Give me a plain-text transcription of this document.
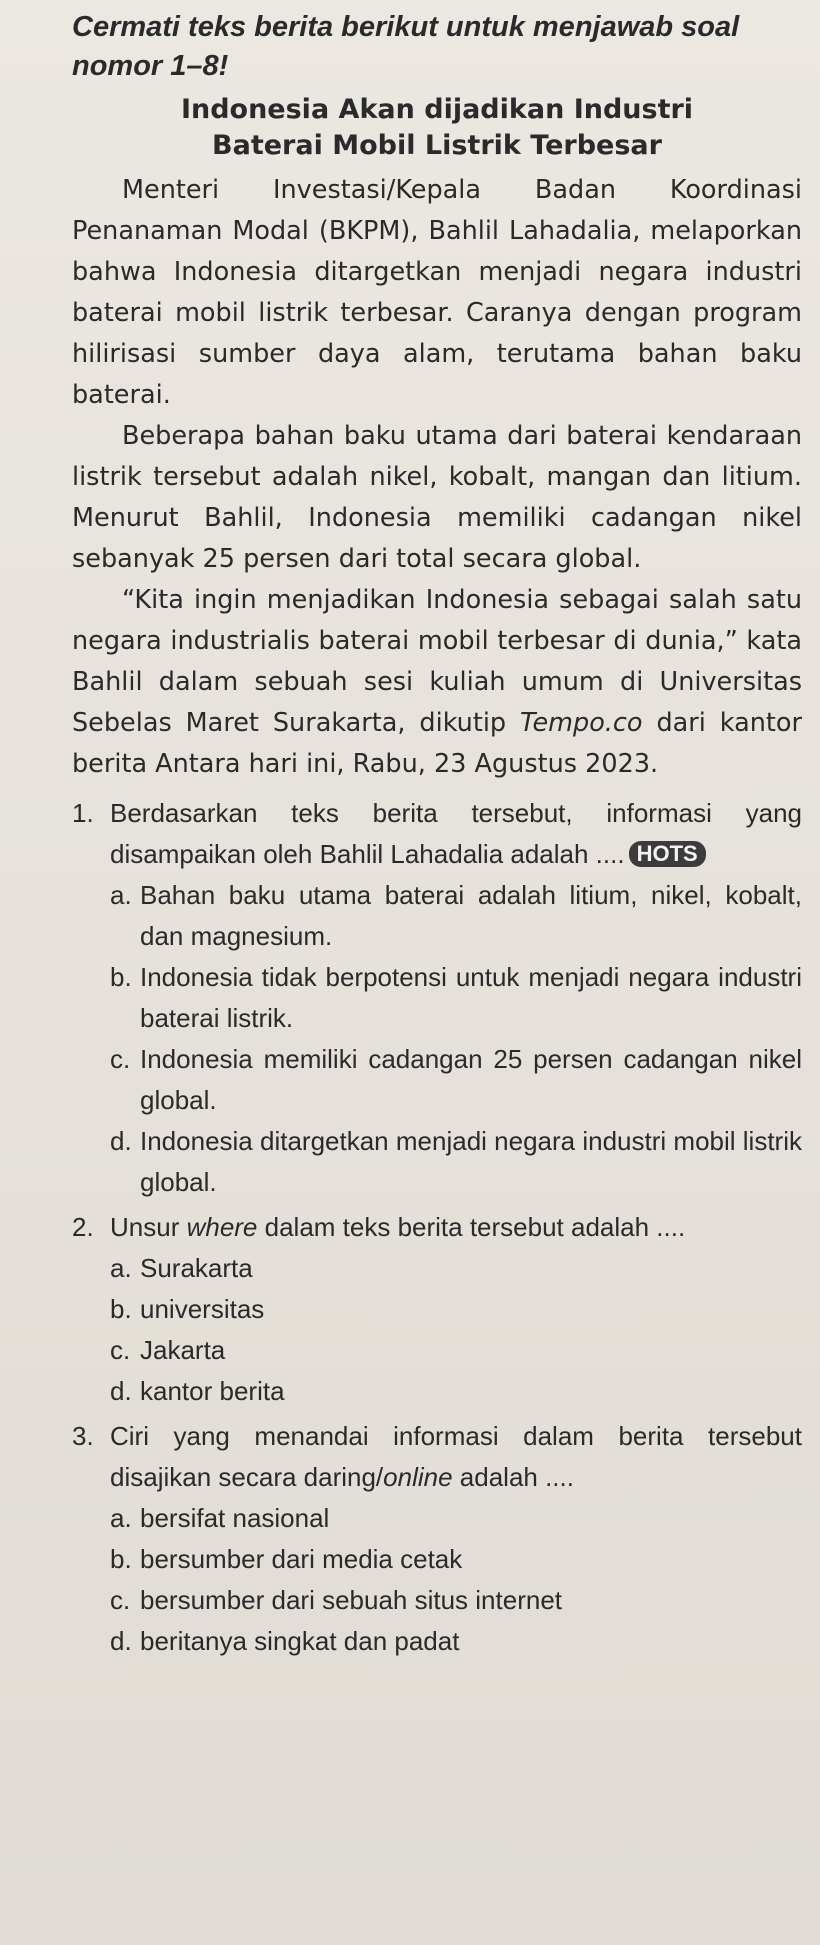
Cermati teks berita berikut untuk menjawab soal nomor 1–8!
Indonesia Akan dijadikan Industri
Baterai Mobil Listrik Terbesar

Menteri Investasi/Kepala Badan Koordinasi Penanaman Modal (BKPM), Bahlil Lahadalia, melaporkan bahwa Indonesia ditargetkan menjadi negara industri baterai mobil listrik terbesar. Caranya dengan program hilirisasi sumber daya alam, terutama bahan baku baterai.

Beberapa bahan baku utama dari baterai kendaraan listrik tersebut adalah nikel, kobalt, mangan dan litium. Menurut Bahlil, Indonesia memiliki cadangan nikel sebanyak 25 persen dari total secara global.

“Kita ingin menjadikan Indonesia sebagai salah satu negara industrialis baterai mobil terbesar di dunia,” kata Bahlil dalam sebuah sesi kuliah umum di Universitas Sebelas Maret Surakarta, dikutip Tempo.co dari kantor berita Antara hari ini, Rabu, 23 Agustus 2023.

1. Berdasarkan teks berita tersebut, informasi yang disampaikan oleh Bahlil Lahadalia adalah .... HOTS
a. Bahan baku utama baterai adalah litium, nikel, kobalt, dan magnesium.
b. Indonesia tidak berpotensi untuk menjadi negara industri baterai listrik.
c. Indonesia memiliki cadangan 25 persen cadangan nikel global.
d. Indonesia ditargetkan menjadi negara industri mobil listrik global.
2. Unsur where dalam teks berita tersebut adalah ....
a. Surakarta
b. universitas
c. Jakarta
d. kantor berita
3. Ciri yang menandai informasi dalam berita tersebut disajikan secara daring/online adalah ....
a. bersifat nasional
b. bersumber dari media cetak
c. bersumber dari sebuah situs internet
d. beritanya singkat dan padat
